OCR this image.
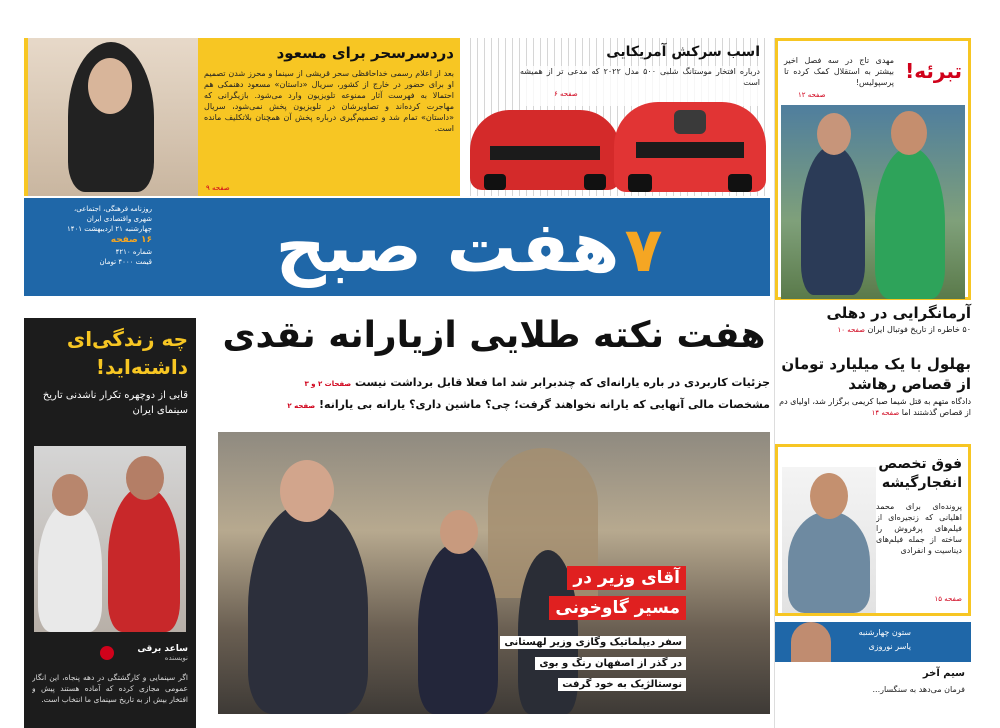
دردسرسحر برای مسعود
بعد از اعلام رسمی خداحافظی سحر قریشی از سینما و محرز شدن تصمیم او برای حضور در خارج از کشور، سریال «داستان» مسعود دهنمکی هم احتمالا به فهرست آثار ممنوعه تلویزیون وارد می‌شود. بازیگرانی که مهاجرت کرده‌اند و تصاویرشان در تلویزیون پخش نمی‌شود، سریال «داستان» تمام شد و تصمیم‌گیری درباره پخش آن همچنان بلاتکلیف مانده است.
صفحه ۹
اسب سرکش آمریکایی
درباره افتخار موستانگ شلبی ۵۰۰ مدل ۲۰۲۲ که مدعی تر از همیشه است
صفحه ۶
روزنامه فرهنگی، اجتماعی،
شهری واقتصادی ایران
چهارشنبه ۲۱ اردیبهشت ۱۴۰۱
۱۶ صفحه
شماره ۴۲۱۰
قیمت ۴۰۰۰ تومان	۷ هفت صبح
تبرئه!
مهدی تاج در سه فصل اخیر بیشتر به استقلال کمک کرده تا پرسپولیس!
صفحه ۱۲
آرمانگرایی در دهلی
۵۰ خاطره از تاریخ فوتبال ایران صفحه ۱۰
بهلول با یک میلیارد تومان از قصاص رهاشد
دادگاه متهم به قتل شیما صبا کریمی برگزار شد، اولیای دم از قصاص گذشتند اما صفحه ۱۴
فوق تخصص انفجارگیشه
پرونده‌ای برای محمد اهلیانی که زنجیره‌ای از فیلم‌های پرفروش را ساخته از جمله فیلم‌های دیناسیت و انفرادی
صفحه ۱۵
ستون چهارشنبه
یاسر نوروزی
سیم آخر
فرمان می‌دهد به سنگسار...
هفت نکته طلایی ازیارانه نقدی
جزئیات کاربردی در باره یارانه‌ای که چندبرابر شد اما فعلا قابل برداشت نیست صفحات ۲ و ۳
مشخصات مالی آنهایی که یارانه نخواهند گرفت؛ چی؟ ماشین داری؟ یارانه بی یارانه! صفحه ۲
آقای وزیر در
مسیر گاوخونی
سفر دیپلماتیک وگازی وزیر لهستانی
در گذر از اصفهان رنگ و بوی
نوستالژیک به خود گرفت
چه زندگی‌ای
داشته‌اید!
قابی از دوچهره تکرار ناشدنی تاریخ سینمای ایران
ساعد برقی
نویسنده
اگر سینمایی و کارگشتگی در دهه پنجاه، این انگار عمومی مجازی کرده که آماده هستند پیش و افتخار بیش از به تاریخ سینمای ما انتخاب است.
